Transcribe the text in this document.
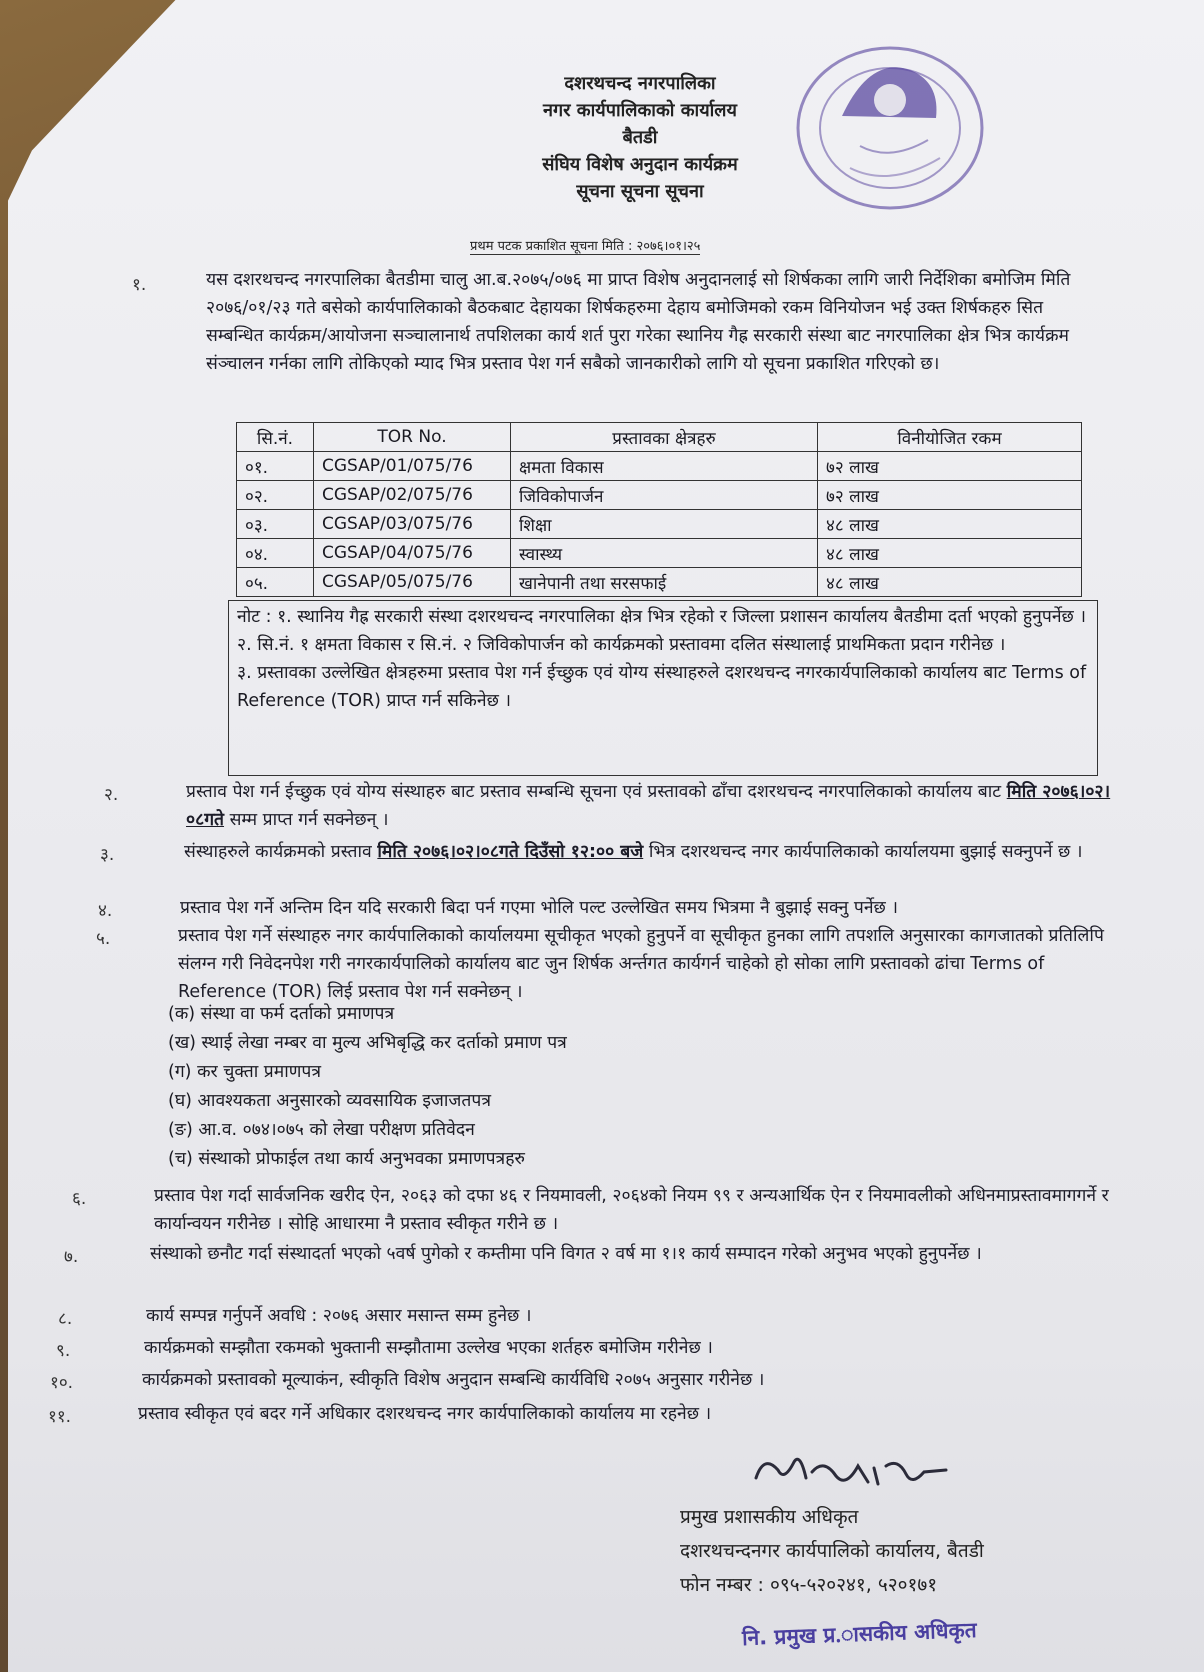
दशरथचन्द नगरपालिका
नगर कार्यपालिकाको कार्यालय
बैतडी
संघिय विशेष अनुदान कार्यक्रम
सूचना सूचना सूचना
प्रथम पटक प्रकाशित सूचना मिति : २०७६।०१।२५
१.	यस दशरथचन्द नगरपालिका बैतडीमा चालु आ.ब.२०७५/०७६ मा प्राप्त विशेष अनुदानलाई सो शिर्षकका लागि जारी निर्देशिका बमोजिम मिति २०७६/०१/२३ गते बसेको कार्यपालिकाको बैठकबाट देहायका शिर्षकहरुमा देहाय बमोजिमको रकम विनियोजन भई उक्त शिर्षकहरु सित सम्बन्धित कार्यक्रम/आयोजना सञ्चालानार्थ तपशिलका कार्य शर्त पुरा गरेका स्थानिय गैह्र सरकारी संस्था बाट नगरपालिका क्षेत्र भित्र कार्यक्रम संञ्चालन गर्नका लागि तोकिएको म्याद भित्र प्रस्ताव पेश गर्न सबैको जानकारीको लागि यो सूचना प्रकाशित गरिएको छ।
सि.नं.	TOR No.	प्रस्तावका क्षेत्रहरु	विनीयोजित रकम
०१.	CGSAP/01/075/76	क्षमता विकास	७२ लाख
०२.	CGSAP/02/075/76	जिविकोपार्जन	७२ लाख
०३.	CGSAP/03/075/76	शिक्षा	४८ लाख
०४.	CGSAP/04/075/76	स्वास्थ्य	४८ लाख
०५.	CGSAP/05/075/76	खानेपानी तथा सरसफाई	४८ लाख
नोट : १. स्थानिय गैह्र सरकारी संस्था दशरथचन्द नगरपालिका क्षेत्र भित्र रहेको र जिल्ला प्रशासन कार्यालय बैतडीमा दर्ता भएको हुनुपर्नेछ ।
२. सि.नं. १ क्षमता विकास र सि.नं. २ जिविकोपार्जन को कार्यक्रमको प्रस्तावमा दलित संस्थालाई प्राथमिकता प्रदान गरीनेछ ।
३. प्रस्तावका उल्लेखित क्षेत्रहरुमा प्रस्ताव पेश गर्न ईच्छुक एवं योग्य संस्थाहरुले दशरथचन्द नगरकार्यपालिकाको कार्यालय बाट Terms of Reference (TOR) प्राप्त गर्न सकिनेछ ।
२.	प्रस्ताव पेश गर्न ईच्छुक एवं योग्य संस्थाहरु बाट प्रस्ताव सम्बन्धि सूचना एवं प्रस्तावको ढाँचा दशरथचन्द नगरपालिकाको कार्यालय बाट मिति २०७६।०२।०८गते सम्म प्राप्त गर्न सक्नेछन् ।
३.	संस्थाहरुले कार्यक्रमको प्रस्ताव मिति २०७६।०२।०८गते दिउँसो १२:०० बजे भित्र दशरथचन्द नगर कार्यपालिकाको कार्यालयमा बुझाई सक्नुपर्ने छ ।
४.	प्रस्ताव पेश गर्ने अन्तिम दिन यदि सरकारी बिदा पर्न गएमा भोलि पल्ट उल्लेखित समय भित्रमा नै बुझाई सक्नु पर्नेछ ।
५.	प्रस्ताव पेश गर्ने संस्थाहरु नगर कार्यपालिकाको कार्यालयमा सूचीकृत भएको हुनुपर्ने वा सूचीकृत हुनका लागि तपशलि अनुसारका कागजातको प्रतिलिपि संलग्न गरी निवेदनपेश गरी नगरकार्यपालिको कार्यालय बाट जुन शिर्षक अर्न्तगत कार्यगर्न चाहेको हो सोका लागि प्रस्तावको ढांचा Terms of Reference (TOR) लिई प्रस्ताव पेश गर्न सक्नेछन् ।
(क) संस्था वा फर्म दर्ताको प्रमाणपत्र
(ख) स्थाई लेखा नम्बर वा मुल्य अभिबृद्धि कर दर्ताको प्रमाण पत्र
(ग) कर चुक्ता प्रमाणपत्र
(घ) आवश्यकता अनुसारको व्यवसायिक इजाजतपत्र
(ङ) आ.व. ०७४।०७५ को लेखा परीक्षण प्रतिवेदन
(च) संस्थाको प्रोफाईल तथा कार्य अनुभवका प्रमाणपत्रहरु
६.	प्रस्ताव पेश गर्दा सार्वजनिक खरीद ऐन, २०६३ को दफा ४६ र नियमावली, २०६४को नियम ९९ र अन्यआर्थिक ऐन र नियमावलीको अधिनमाप्रस्तावमागगर्ने र कार्यान्वयन गरीनेछ । सोहि आधारमा नै प्रस्ताव स्वीकृत गरीने छ ।
७.	संस्थाको छनौट गर्दा संस्थादर्ता भएको ५वर्ष पुगेको र कम्तीमा पनि विगत २ वर्ष मा १।१ कार्य सम्पादन गरेको अनुभव भएको हुनुपर्नेछ ।
८.	कार्य सम्पन्न गर्नुपर्ने अवधि : २०७६ असार मसान्त सम्म हुनेछ ।
९.	कार्यक्रमको सम्झौता रकमको भुक्तानी सम्झौतामा उल्लेख भएका शर्तहरु बमोजिम गरीनेछ ।
१०.	कार्यक्रमको प्रस्तावको मूल्याकंन, स्वीकृति विशेष अनुदान सम्बन्धि कार्यविधि २०७५ अनुसार गरीनेछ ।
११.	प्रस्ताव स्वीकृत एवं बदर गर्ने अधिकार दशरथचन्द नगर कार्यपालिकाको कार्यालय मा रहनेछ ।
प्रमुख प्रशासकीय अधिकृत
दशरथचन्दनगर कार्यपालिको कार्यालय, बैतडी
फोन नम्बर : ०९५-५२०२४१, ५२०१७१
नि. प्रमुख प्र.ासकीय अधिकृत
